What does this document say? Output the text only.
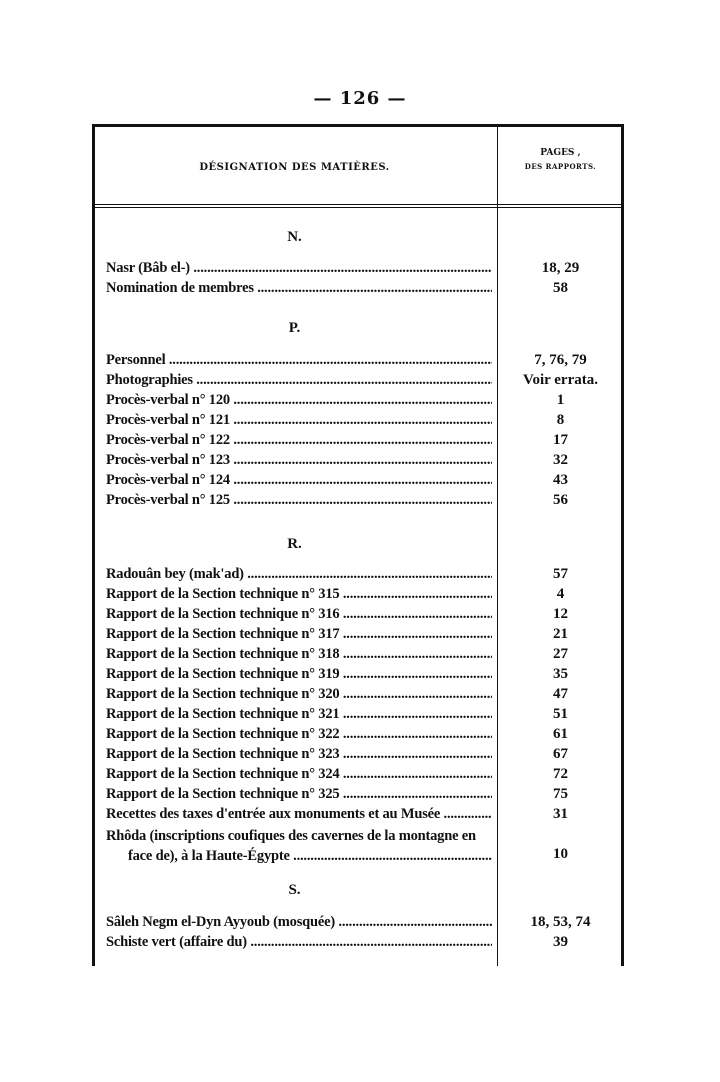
— 126 —
DÉSIGNATION DES MATIÈRES.
PAGES ,
DES RAPPORTS.
N.
Nasr (Bâb el-) .....	18, 29
Nomination de membres .....	58
P.
Personnel .....	7, 76, 79
Photographies .....	Voir errata.
Procès-verbal n° 120 .....	1
Procès-verbal n° 121 .....	8
Procès-verbal n° 122 .....	17
Procès-verbal n° 123 .....	32
Procès-verbal n° 124 .....	43
Procès-verbal n° 125 .....	56
R.
Radouân bey (mak'ad) .....	57
Rapport de la Section technique n° 315 .....	4
Rapport de la Section technique n° 316 .....	12
Rapport de la Section technique n° 317 .....	21
Rapport de la Section technique n° 318 .....	27
Rapport de la Section technique n° 319 .....	35
Rapport de la Section technique n° 320 .....	47
Rapport de la Section technique n° 321 .....	51
Rapport de la Section technique n° 322 .....	61
Rapport de la Section technique n° 323 .....	67
Rapport de la Section technique n° 324 .....	72
Rapport de la Section technique n° 325 .....	75
Recettes des taxes d'entrée aux monuments et au Musée .....	31
Rhôda (inscriptions coufiques des cavernes de la montagne en
face de), à la Haute-Égypte .....	10
S.
Sâleh Negm el-Dyn Ayyoub (mosquée) .....	18, 53, 74
Schiste vert (affaire du) .....	39
